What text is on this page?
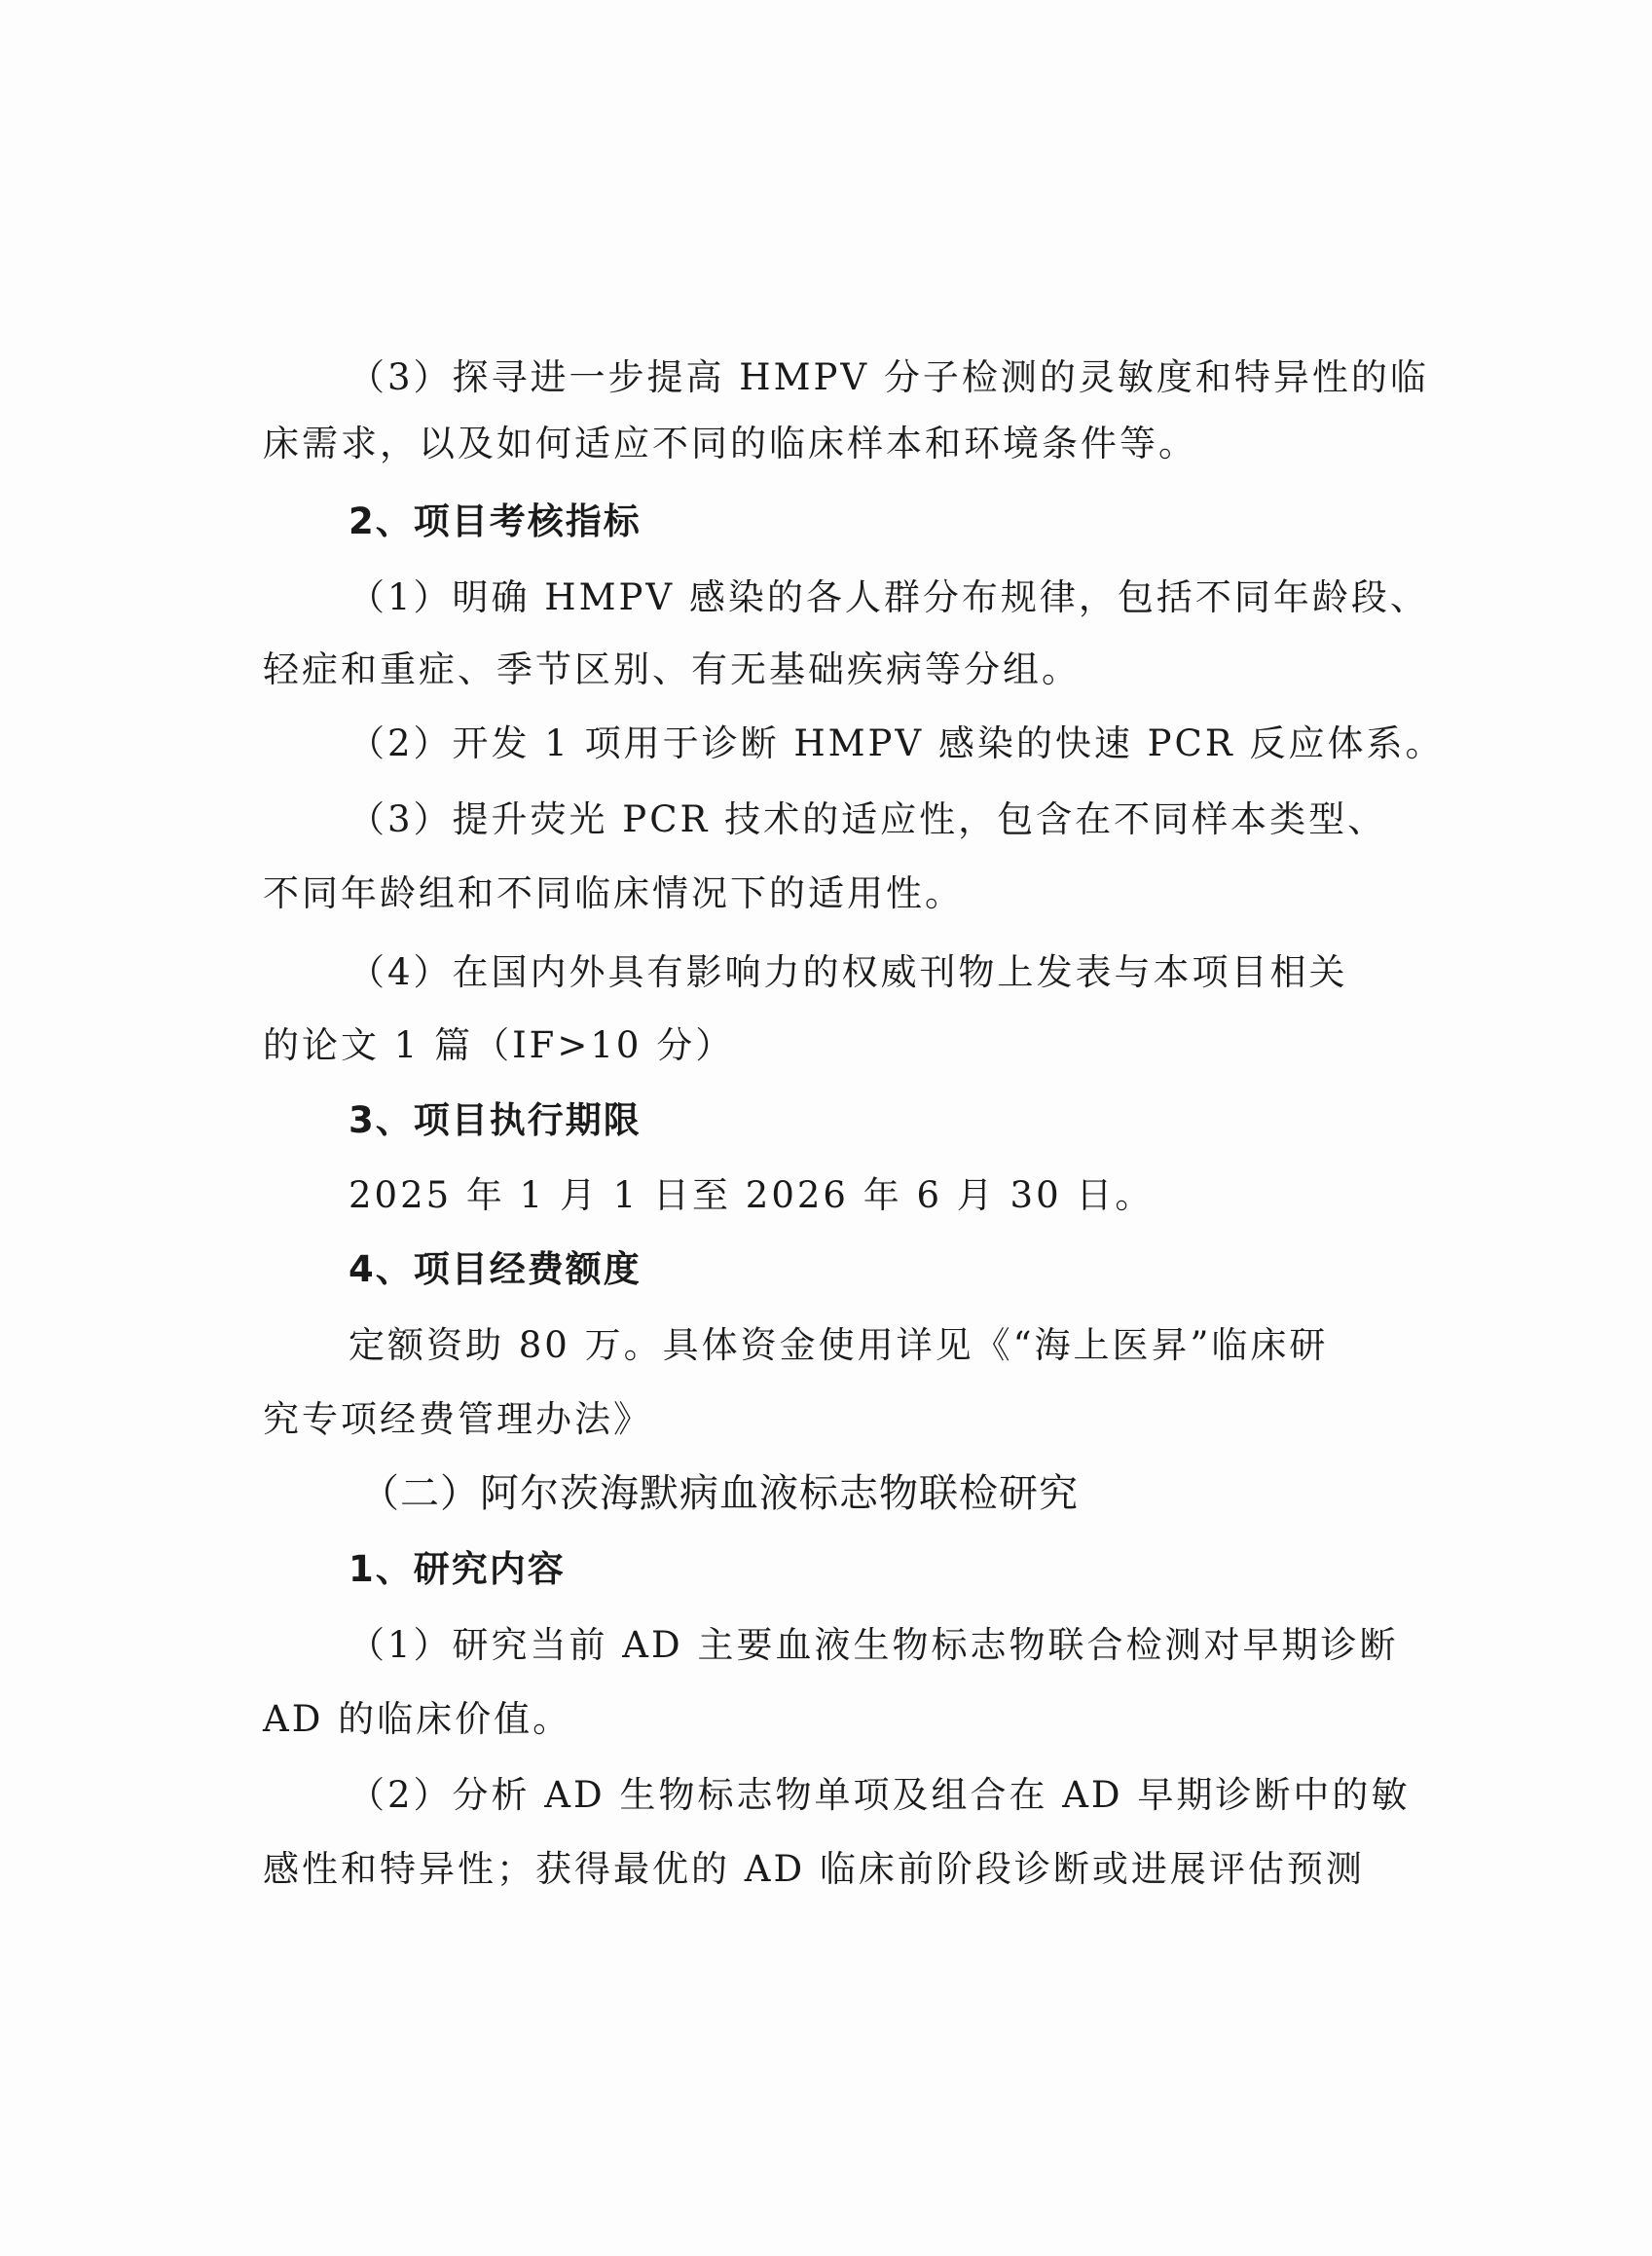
（3）探寻进一步提高 HMPV 分子检测的灵敏度和特异性的临
床需求，以及如何适应不同的临床样本和环境条件等。
2、项目考核指标
（1）明确 HMPV 感染的各人群分布规律，包括不同年龄段、
轻症和重症、季节区别、有无基础疾病等分组。
（2）开发 1 项用于诊断 HMPV 感染的快速 PCR 反应体系。
（3）提升荧光 PCR 技术的适应性，包含在不同样本类型、
不同年龄组和不同临床情况下的适用性。
（4）在国内外具有影响力的权威刊物上发表与本项目相关
的论文 1 篇（IF>10 分）
3、项目执行期限
2025 年 1 月 1 日至 2026 年 6 月 30 日。
4、项目经费额度
定额资助 80 万。具体资金使用详见《“海上医昇”临床研
究专项经费管理办法》
（二）阿尔茨海默病血液标志物联检研究
1、研究内容
（1）研究当前 AD 主要血液生物标志物联合检测对早期诊断
AD 的临床价值。
（2）分析 AD 生物标志物单项及组合在 AD 早期诊断中的敏
感性和特异性；获得最优的 AD 临床前阶段诊断或进展评估预测
